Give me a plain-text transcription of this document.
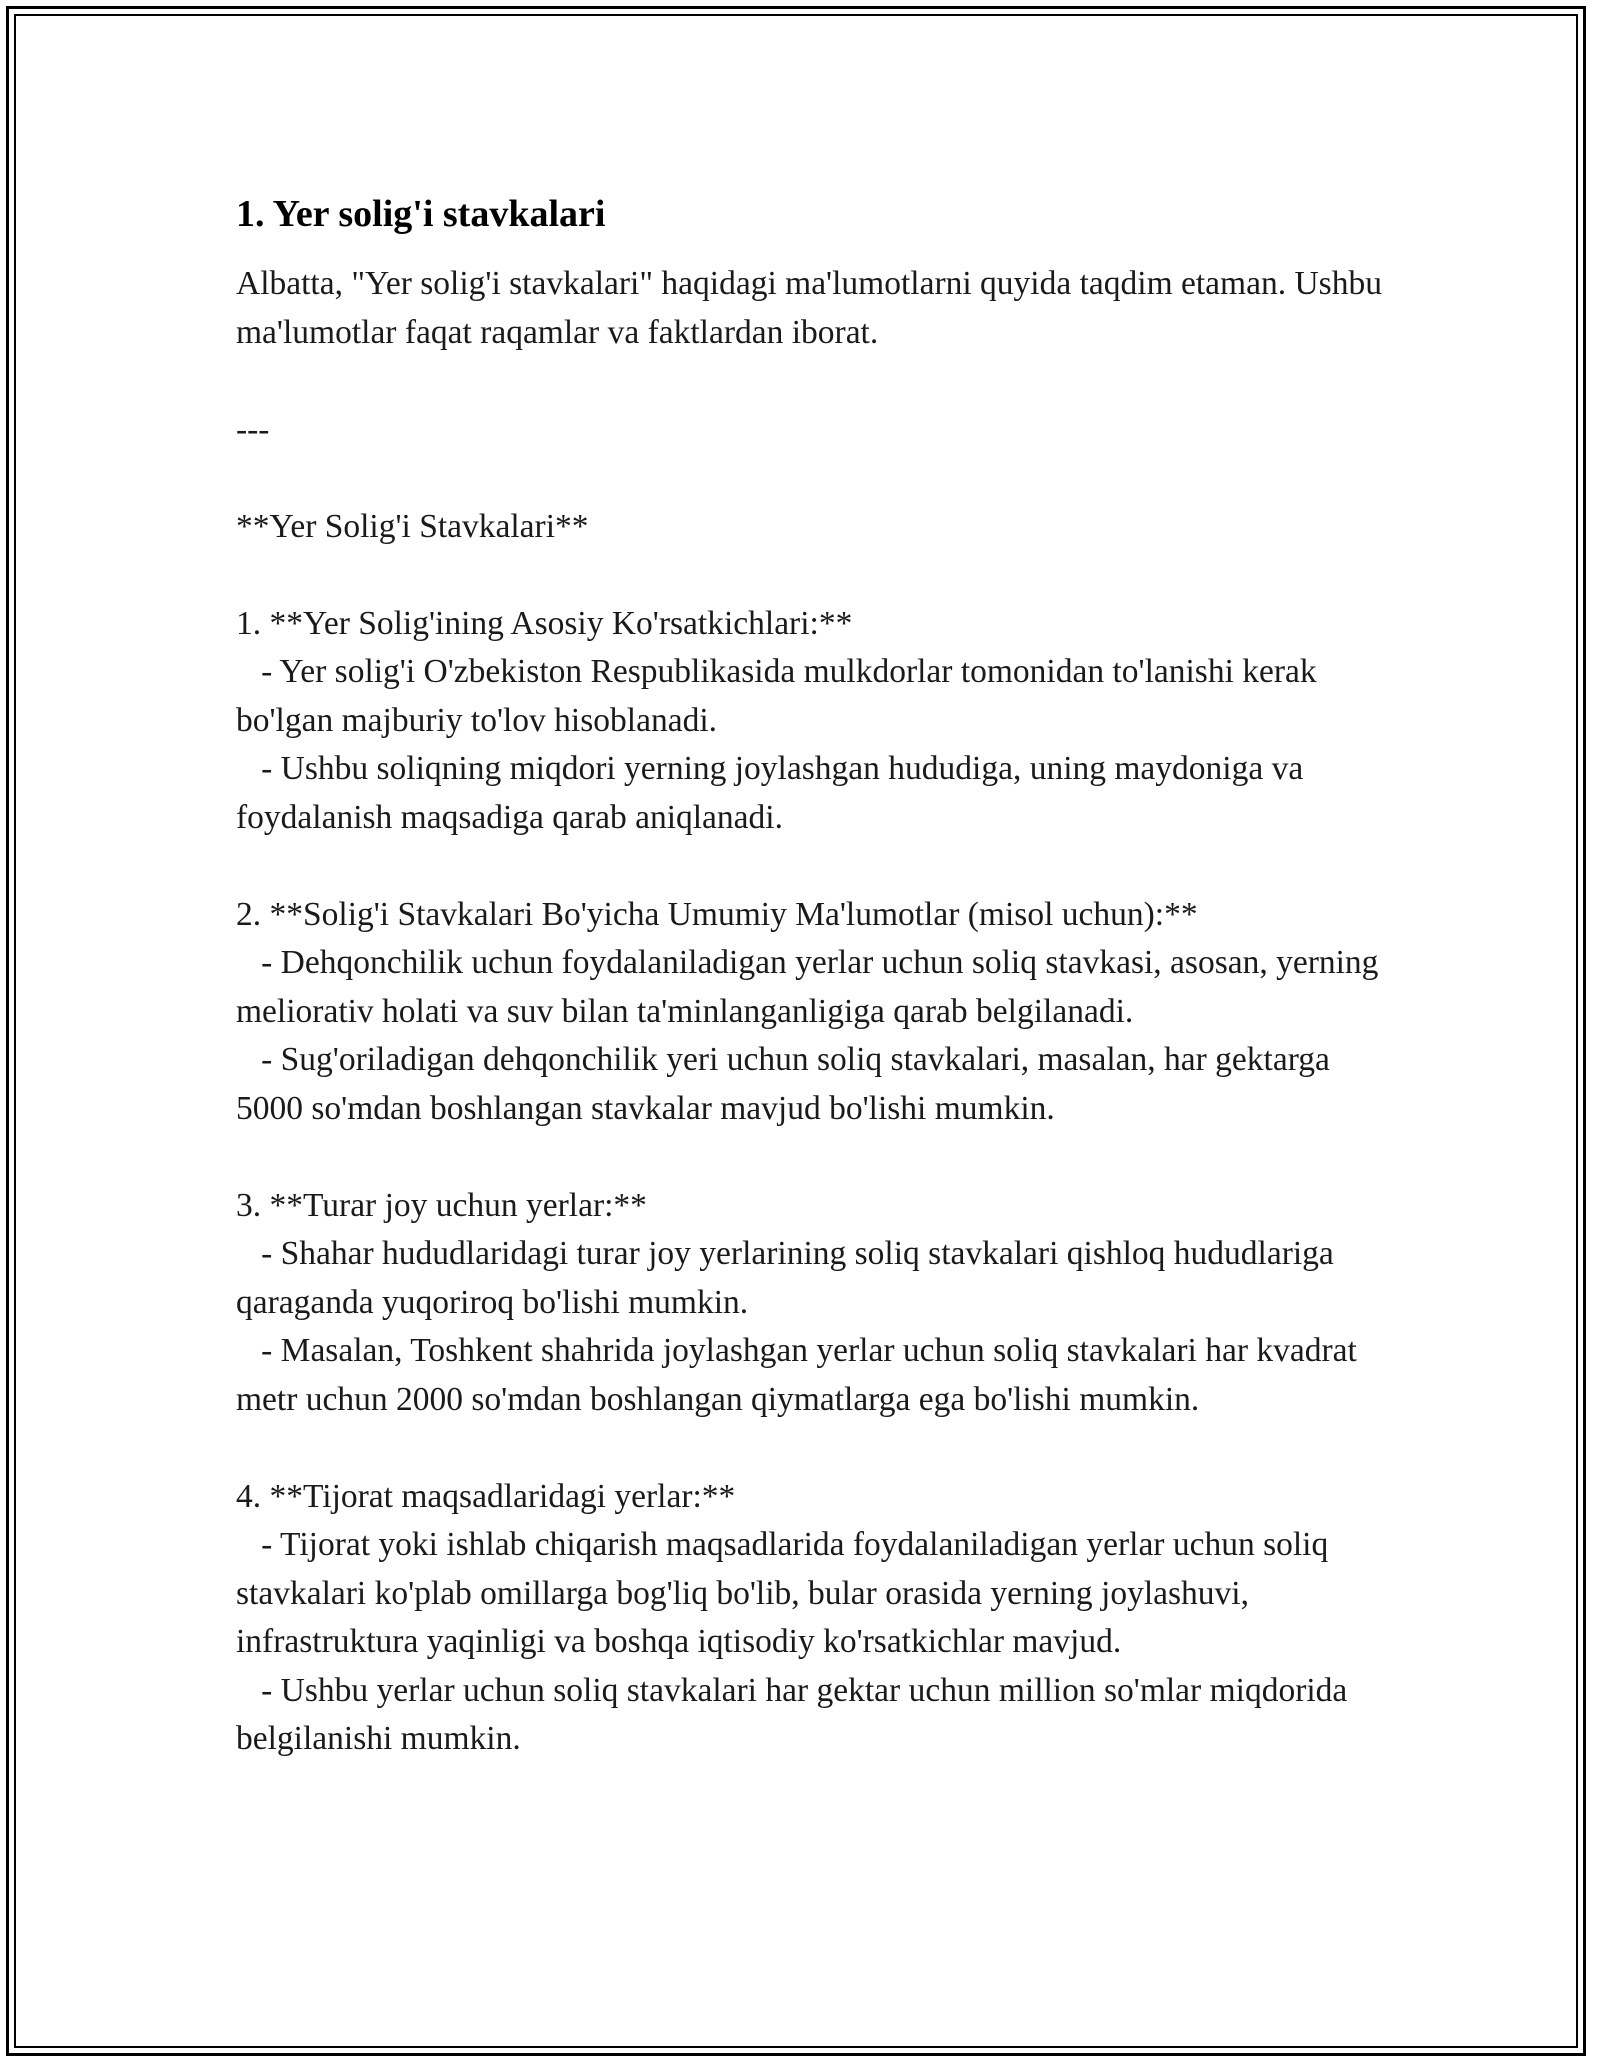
1. Yer solig'i stavkalari

Albatta, "Yer solig'i stavkalari" haqidagi ma'lumotlarni quyida taqdim etaman. Ushbu ma'lumotlar faqat raqamlar va faktlardan iborat.

---

**Yer Solig'i Stavkalari**

1. **Yer Solig'ining Asosiy Ko'rsatkichlari:**

- Yer solig'i O'zbekiston Respublikasida mulkdorlar tomonidan to'lanishi kerak bo'lgan majburiy to'lov hisoblanadi.

- Ushbu soliqning miqdori yerning joylashgan hududiga, uning maydoniga va foydalanish maqsadiga qarab aniqlanadi.

2. **Solig'i Stavkalari Bo'yicha Umumiy Ma'lumotlar (misol uchun):**

- Dehqonchilik uchun foydalaniladigan yerlar uchun soliq stavkasi, asosan, yerning meliorativ holati va suv bilan ta'minlanganligiga qarab belgilanadi.

- Sug'oriladigan dehqonchilik yeri uchun soliq stavkalari, masalan, har gektarga 5000 so'mdan boshlangan stavkalar mavjud bo'lishi mumkin.

3. **Turar joy uchun yerlar:**

- Shahar hududlaridagi turar joy yerlarining soliq stavkalari qishloq hududlariga qaraganda yuqoriroq bo'lishi mumkin.

- Masalan, Toshkent shahrida joylashgan yerlar uchun soliq stavkalari har kvadrat metr uchun 2000 so'mdan boshlangan qiymatlarga ega bo'lishi mumkin.

4. **Tijorat maqsadlaridagi yerlar:**

- Tijorat yoki ishlab chiqarish maqsadlarida foydalaniladigan yerlar uchun soliq stavkalari ko'plab omillarga bog'liq bo'lib, bular orasida yerning joylashuvi, infrastruktura yaqinligi va boshqa iqtisodiy ko'rsatkichlar mavjud.

- Ushbu yerlar uchun soliq stavkalari har gektar uchun million so'mlar miqdorida belgilanishi mumkin.
